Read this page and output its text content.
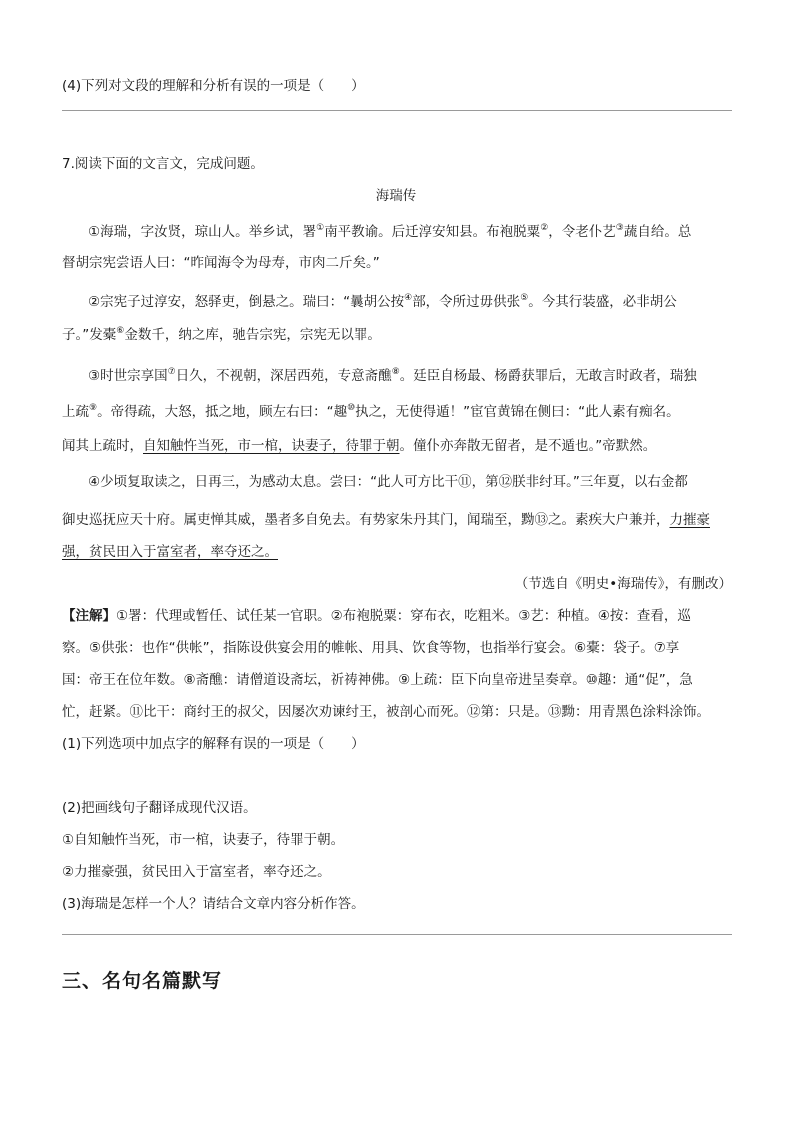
(4)下列对文段的理解和分析有误的一项是（　　）
7.阅读下面的文言文，完成问题。
海瑞传
①海瑞，字汝贤，琼山人。举乡试，署①南平教谕。后迁淳安知县。布袍脱粟②，令老仆艺③蔬自给。总
督胡宗宪尝语人曰：“昨闻海令为母寿，市肉二斤矣。”
②宗宪子过淳安，怒驿吏，倒悬之。瑞曰：“曩胡公按④部，令所过毋供张⑤。今其行装盛，必非胡公
子。”发橐⑥金数千，纳之库，驰告宗宪，宗宪无以罪。
③时世宗享国⑦日久，不视朝，深居西苑，专意斋醮⑧。廷臣自杨最、杨爵获罪后，无敢言时政者，瑞独
上疏⑨。帝得疏，大怒，抵之地，顾左右曰：“趣⑩执之，无使得遁！”宦官黄锦在侧曰：“此人素有痴名。
闻其上疏时，自知触忤当死，市一棺，诀妻子，待罪于朝。僮仆亦奔散无留者，是不遁也。”帝默然。
④少顷复取读之，日再三，为感动太息。尝曰：“此人可方比干⑪，第⑫朕非纣耳。”三年夏，以右金都
御史巡抚应天十府。属吏惮其威，墨者多自免去。有势家朱丹其门，闻瑞至，黝⑬之。素疾大户兼并，力摧豪
强，贫民田入于富室者，率夺还之。
（节选自《明史•海瑞传》，有删改）
【注解】①署：代理或暂任、试任某一官职。②布袍脱粟：穿布衣，吃粗米。③艺：种植。④按：查看，巡
察。⑤供张：也作“供帐”，指陈设供宴会用的帷帐、用具、饮食等物，也指举行宴会。⑥橐：袋子。⑦享
国：帝王在位年数。⑧斋醮：请僧道设斋坛，祈祷神佛。⑨上疏：臣下向皇帝进呈奏章。⑩趣：通“促”，急
忙，赶紧。⑪比干：商纣王的叔父，因屡次劝谏纣王，被剖心而死。⑫第：只是。⑬黝：用青黑色涂料涂饰。
(1)下列选项中加点字的解释有误的一项是（　　）
(2)把画线句子翻译成现代汉语。
①自知触忤当死，市一棺，诀妻子，待罪于朝。
②力摧豪强，贫民田入于富室者，率夺还之。
(3)海瑞是怎样一个人？请结合文章内容分析作答。
三、名句名篇默写
